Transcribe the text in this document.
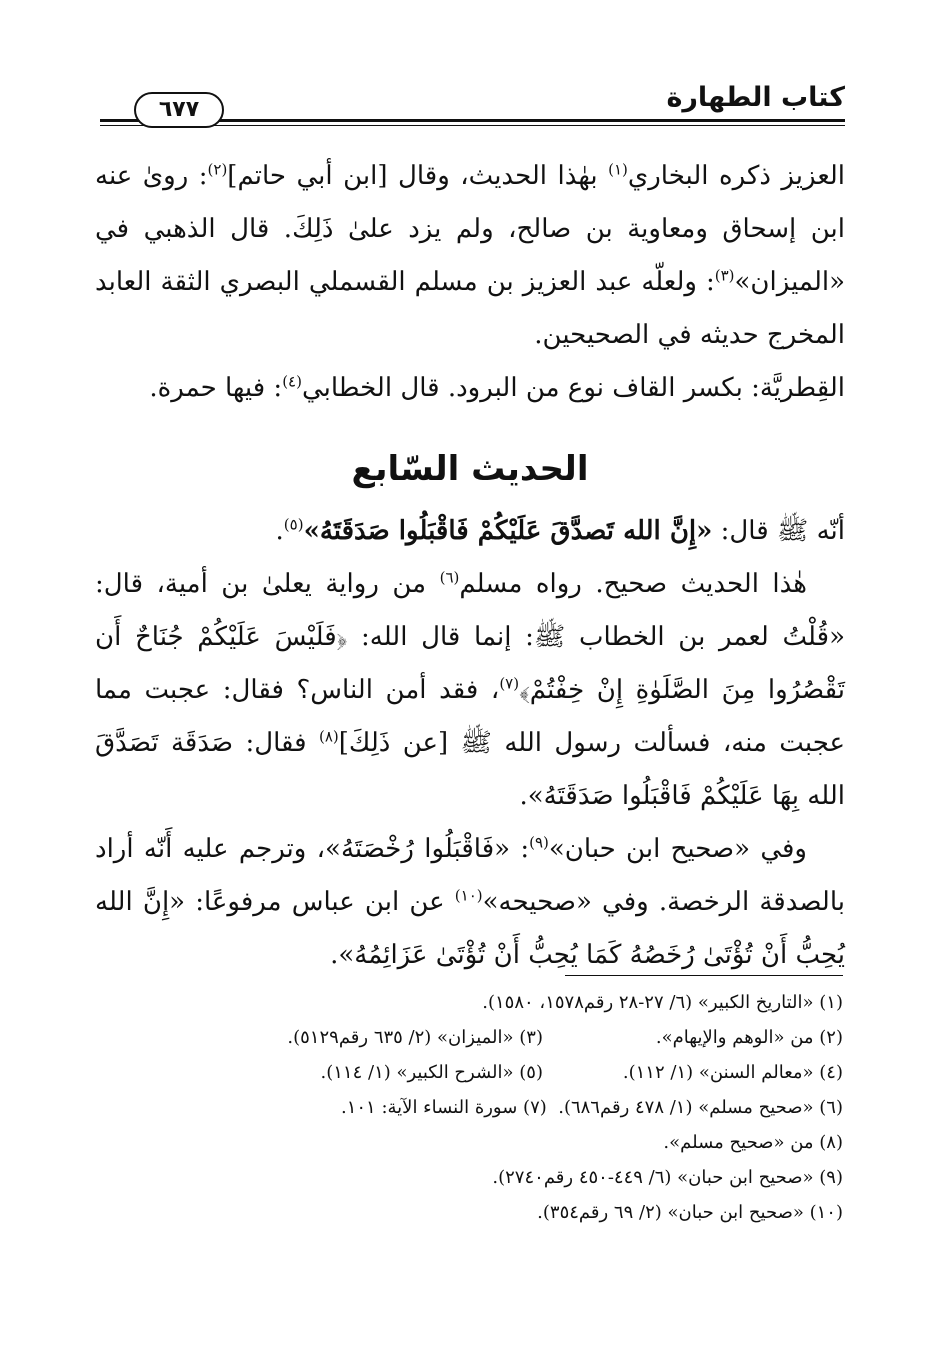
كتاب الطهارة
٦٧٧

العزيز ذكره البخاري$^{(١)}$ بهٰذا الحديث، وقال [ابن أبي حاتم]$^{(٢)}$: رویٰ عنه ابن إسحاق ومعاوية بن صالح، ولم يزد علىٰ ذَلِكَ. قال الذهبي في «الميزان»$^{(٣)}$: ولعلّه عبد العزيز بن مسلم القسملي البصري الثقة العابد المخرج حديثه في الصحيحين.

القِطريَّة: بكسر القاف نوع من البرود. قال الخطابي$^{(٤)}$: فيها حمرة.

الحديث السّابع

أنّه ﷺ قال: «إِنَّ الله تَصدَّقَ عَلَيْكُمْ فَاقْبَلُوا صَدَقَتَهُ»$^{(٥)}$.

هٰذا الحديث صحيح. رواه مسلم$^{(٦)}$ من رواية يعلىٰ بن أمية، قال: «قُلْتُ لعمر بن الخطاب ﷺ: إنما قال الله: ﴿فَلَيْسَ عَلَيْكُمْ جُنَاحٌ أَن تَقْصُرُوا مِنَ الصَّلَوٰةِ إِنْ خِفْتُمْ﴾$^{(٧)}$، فقد أمن الناس؟ فقال: عجبت مما عجبت منه، فسألت رسول الله ﷺ [عن ذَلِكَ]$^{(٨)}$ فقال: صَدَقَة تَصَدَّقَ الله بِهَا عَلَيْكُمْ فَاقْبَلُوا صَدَقَتَهُ».

وفي «صحيح ابن حبان»$^{(٩)}$: «فَاقْبَلُوا رُخْصَتَهُ»، وترجم عليه أَنّه أراد بالصدقة الرخصة. وفي «صحيحه»$^{(١٠)}$ عن ابن عباس مرفوعًا: «إِنَّ الله يُحِبُّ أَنْ تُؤْتَىٰ رُخَصُهُ كَمَا يُحِبُّ أَنْ تُؤْتَىٰ عَزَائِمُهُ».

(١) «التاريخ الكبير» (٦/ ٢٧-٢٨ رقم١٥٧٨، ١٥٨٠).
(٢) من «الوهم والإيهام».(٣) «الميزان» (٢/ ٦٣٥ رقم٥١٢٩).
(٤) «معالم السنن» (١/ ١١٢).(٥) «الشرح الكبير» (١/ ١١٤).
(٦) «صحيح مسلم» (١/ ٤٧٨ رقم٦٨٦).  (٧) سورة النساء الآية: ١٠١.
(٨) من «صحيح مسلم».
(٩) «صحيح ابن حبان» (٦/ ٤٤٩-٤٥٠ رقم٢٧٤٠).
(١٠) «صحيح ابن حبان» (٢/ ٦٩ رقم٣٥٤).
